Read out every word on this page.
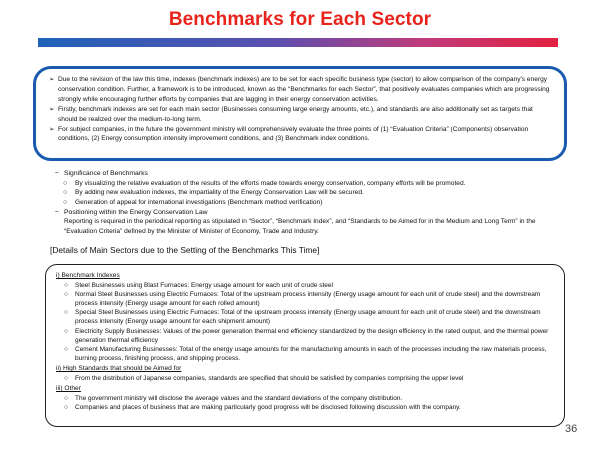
Benchmarks for Each Sector

➢ Due to the revision of the law this time, indexes (benchmark indexes) are to be set for each specific business type (sector) to allow comparison of the company's energy conservation condition. Further, a framework is to be introduced, known as the “Benchmarks for each Sector”, that positively evaluates companies which are progressing strongly while encouraging further efforts by companies that are lagging in their energy conservation activities.

➢ Firstly, benchmark indexes are set for each main sector (Businesses consuming large energy amounts, etc.), and standards are also additionally set as targets that should be realized over the medium-to-long term.

➢ For subject companies, in the future the government ministry will comprehensively evaluate the three points of (1) “Evaluation Criteria” (Components) observation conditions, (2) Energy consumption intensity improvement conditions, and (3) Benchmark index conditions.

− Significance of Benchmarks
○ By visualizing the relative evaluation of the results of the efforts made towards energy conservation, company efforts will be promoted.
○ By adding new evaluation indexes, the impartiality of the Energy Conservation Law will be secured.
○ Generation of appeal for international investigations (Benchmark method verification)
− Positioning within the Energy Conservation Law
Reporting is required in the periodical reporting as stipulated in “Sector”, “Benchmark Index”, and “Standards to be Aimed for in the Medium and Long Term” in the “Evaluation Criteria” defined by the Minister of Minister of Economy, Trade and Industry.
[Details of Main Sectors due to the Setting of the Benchmarks This Time]
i) Benchmark Indexes
○ Steel Businesses using Blast Furnaces: Energy usage amount for each unit of crude steel
○ Normal Steel Businesses using Electric Furnaces: Total of the upstream process intensity (Energy usage amount for each unit of crude steel) and the downstream process intensity (Energy usage amount for each rolled amount)
○ Special Steel Businesses using Electric Furnaces: Total of the upstream process intensity (Energy usage amount for each unit of crude steel) and the downstream process intensity (Energy usage amount for each shipment amount)
○ Electricity Supply Businesses: Values of the power generation thermal end efficiency standardized by the design efficiency in the rated output, and the thermal power generation thermal efficiency
○ Cement Manufacturing Businesses: Total of the energy usage amounts for the manufacturing amounts in each of the processes including the raw materials process, burning process, finishing process, and shipping process.
ii) High Standards that should be Aimed for
○ From the distribution of Japanese companies, standards are specified that should be satisfied by companies comprising the upper level
iii) Other
○ The government ministry will disclose the average values and the standard deviations of the company distribution.
○ Companies and places of business that are making particularly good progress will be disclosed following discussion with the company.
36
